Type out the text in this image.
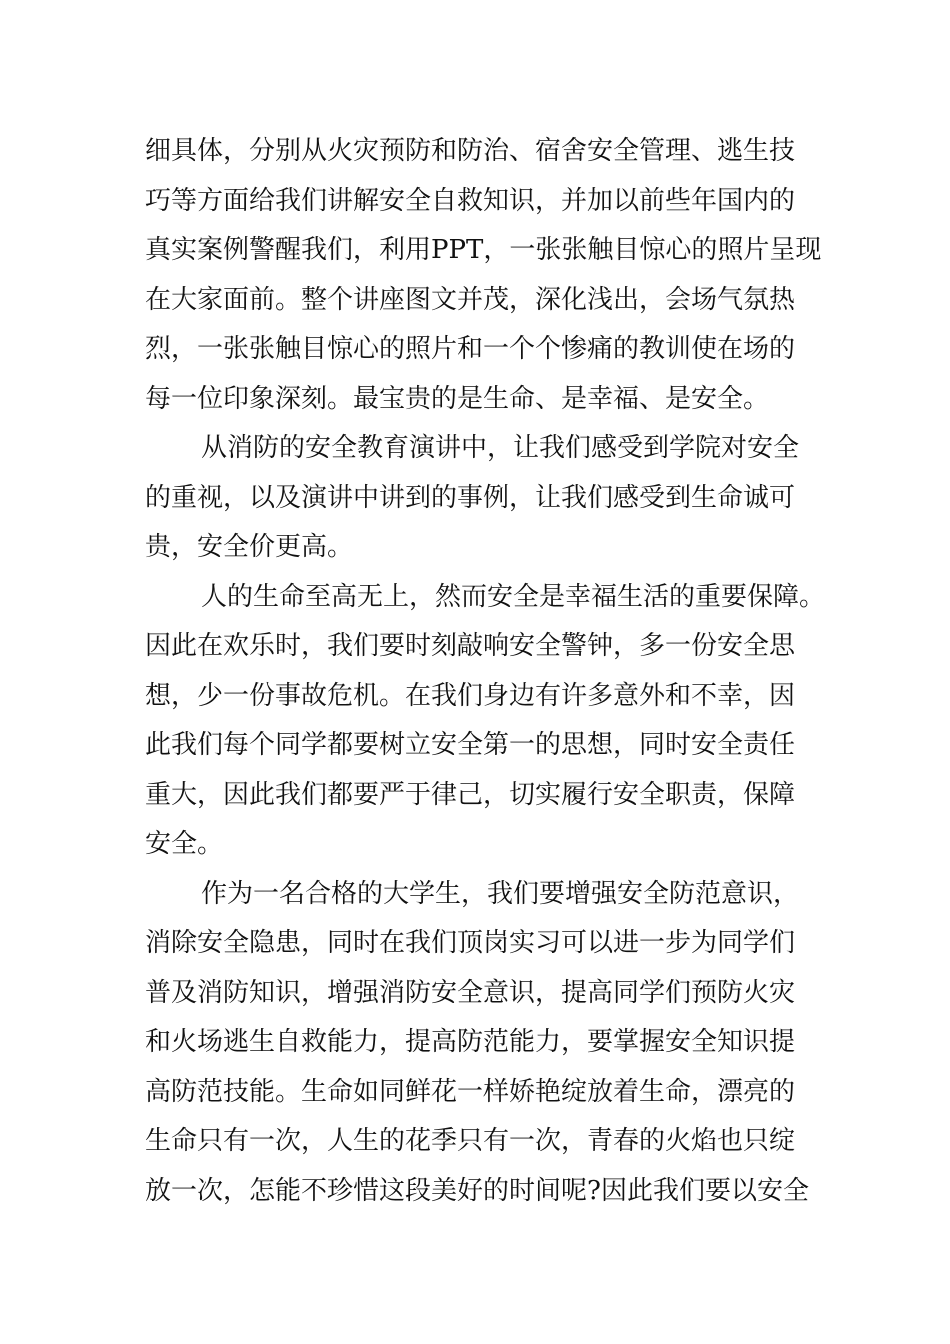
细具体，分别从火灾预防和防治、宿舍安全管理、逃生技
巧等方面给我们讲解安全自救知识，并加以前些年国内的
真实案例警醒我们，利用PPT，一张张触目惊心的照片呈现
在大家面前。整个讲座图文并茂，深化浅出，会场气氛热
烈，一张张触目惊心的照片和一个个惨痛的教训使在场的
每一位印象深刻。最宝贵的是生命、是幸福、是安全。

从消防的安全教育演讲中，让我们感受到学院对安全
的重视，以及演讲中讲到的事例，让我们感受到生命诚可
贵，安全价更高。

人的生命至高无上，然而安全是幸福生活的重要保障。
因此在欢乐时，我们要时刻敲响安全警钟，多一份安全思
想，少一份事故危机。在我们身边有许多意外和不幸，因
此我们每个同学都要树立安全第一的思想，同时安全责任
重大，因此我们都要严于律己，切实履行安全职责，保障
安全。

作为一名合格的大学生，我们要增强安全防范意识，
消除安全隐患，同时在我们顶岗实习可以进一步为同学们
普及消防知识，增强消防安全意识，提高同学们预防火灾
和火场逃生自救能力，提高防范能力，要掌握安全知识提
高防范技能。生命如同鲜花一样娇艳绽放着生命，漂亮的
生命只有一次，人生的花季只有一次，青春的火焰也只绽
放一次，怎能不珍惜这段美好的时间呢?因此我们要以安全
